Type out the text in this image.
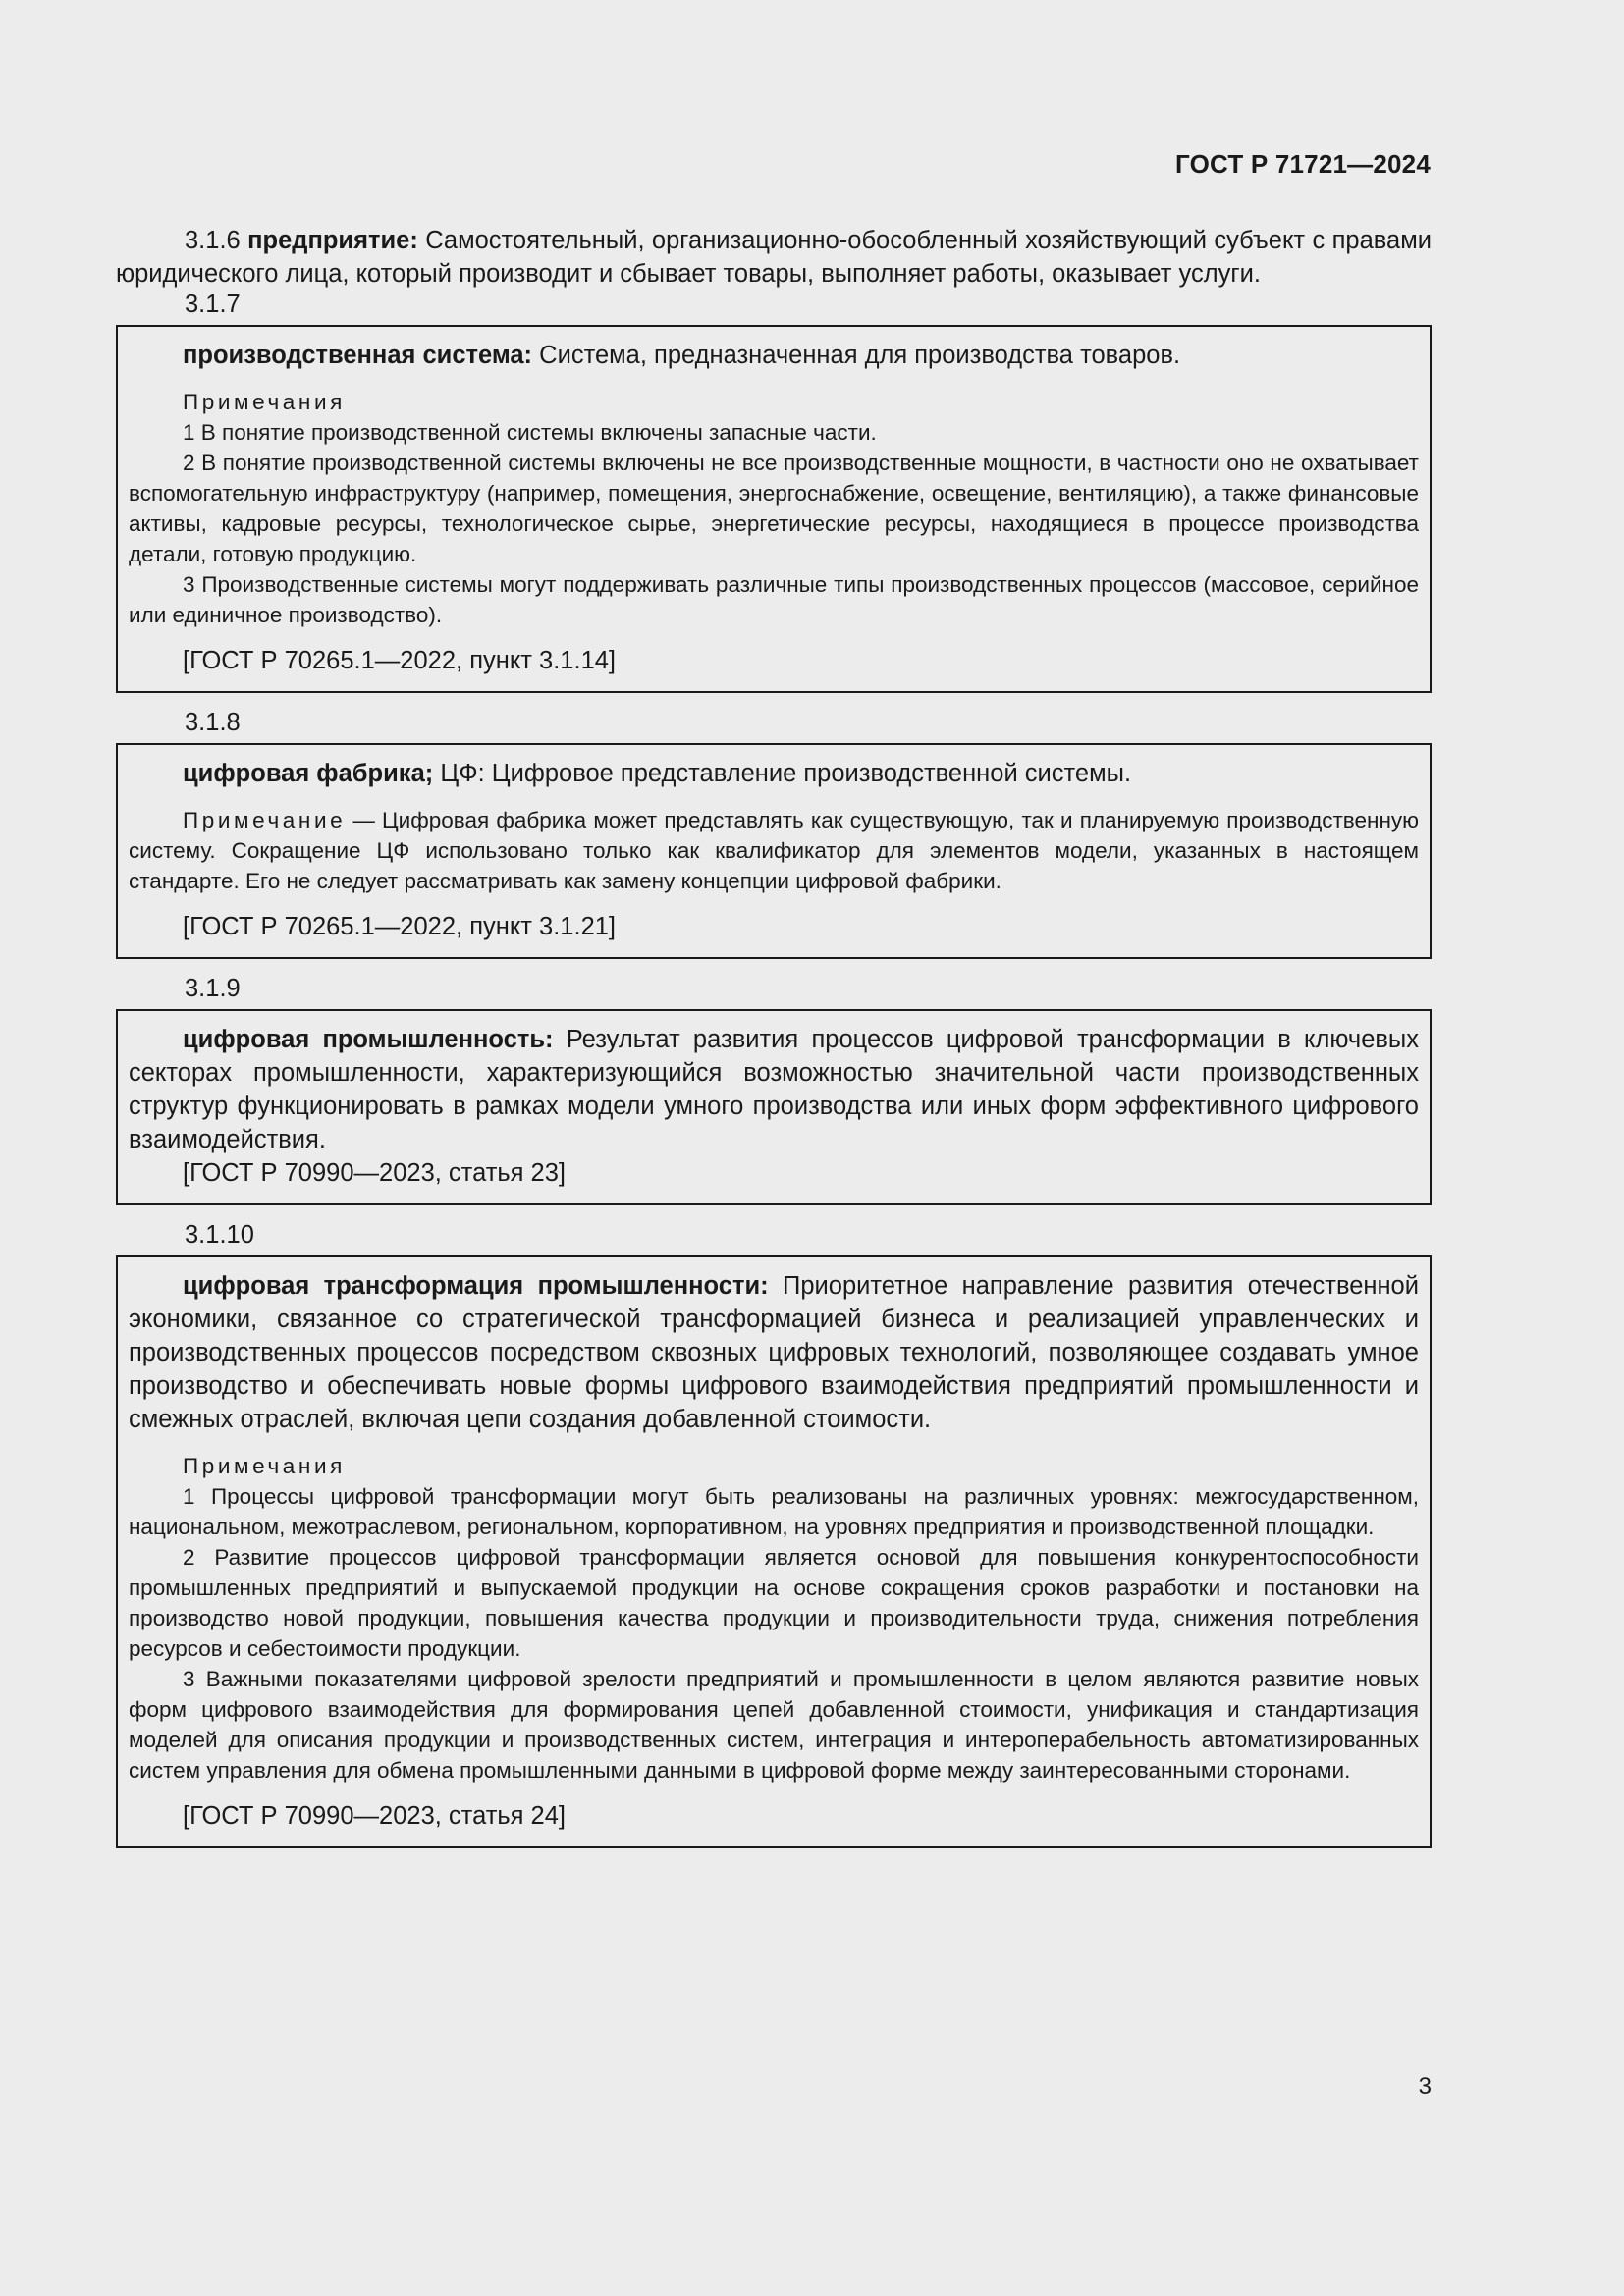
ГОСТ Р 71721—2024

3.1.6 предприятие: Самостоятельный, организационно-обособленный хозяйствующий субъект с правами юридического лица, который производит и сбывает товары, выполняет работы, оказывает услуги.

3.1.7

производственная система: Система, предназначенная для производства товаров.

Примечания

1 В понятие производственной системы включены запасные части.

2 В понятие производственной системы включены не все производственные мощности, в частности оно не охватывает вспомогательную инфраструктуру (например, помещения, энергоснабжение, освещение, вентиляцию), а также финансовые активы, кадровые ресурсы, технологическое сырье, энергетические ресурсы, находящиеся в процессе производства детали, готовую продукцию.

3 Производственные системы могут поддерживать различные типы производственных процессов (массовое, серийное или единичное производство).

[ГОСТ Р 70265.1—2022, пункт 3.1.14]
3.1.8

цифровая фабрика; ЦФ: Цифровое представление производственной системы.

Примечание — Цифровая фабрика может представлять как существующую, так и планируемую производственную систему. Сокращение ЦФ использовано только как квалификатор для элементов модели, указанных в настоящем стандарте. Его не следует рассматривать как замену концепции цифровой фабрики.

[ГОСТ Р 70265.1—2022, пункт 3.1.21]
3.1.9

цифровая промышленность: Результат развития процессов цифровой трансформации в ключевых секторах промышленности, характеризующийся возможностью значительной части производственных структур функционировать в рамках модели умного производства или иных форм эффективного цифрового взаимодействия.

[ГОСТ Р 70990—2023, статья 23]
3.1.10

цифровая трансформация промышленности: Приоритетное направление развития отечественной экономики, связанное со стратегической трансформацией бизнеса и реализацией управленческих и производственных процессов посредством сквозных цифровых технологий, позволяющее создавать умное производство и обеспечивать новые формы цифрового взаимодействия предприятий промышленности и смежных отраслей, включая цепи создания добавленной стоимости.

Примечания

1 Процессы цифровой трансформации могут быть реализованы на различных уровнях: межгосударственном, национальном, межотраслевом, региональном, корпоративном, на уровнях предприятия и производственной площадки.

2 Развитие процессов цифровой трансформации является основой для повышения конкурентоспособности промышленных предприятий и выпускаемой продукции на основе сокращения сроков разработки и постановки на производство новой продукции, повышения качества продукции и производительности труда, снижения потребления ресурсов и себестоимости продукции.

3 Важными показателями цифровой зрелости предприятий и промышленности в целом являются развитие новых форм цифрового взаимодействия для формирования цепей добавленной стоимости, унификация и стандартизация моделей для описания продукции и производственных систем, интеграция и интероперабельность автоматизированных систем управления для обмена промышленными данными в цифровой форме между заинтересованными сторонами.

[ГОСТ Р 70990—2023, статья 24]
3
